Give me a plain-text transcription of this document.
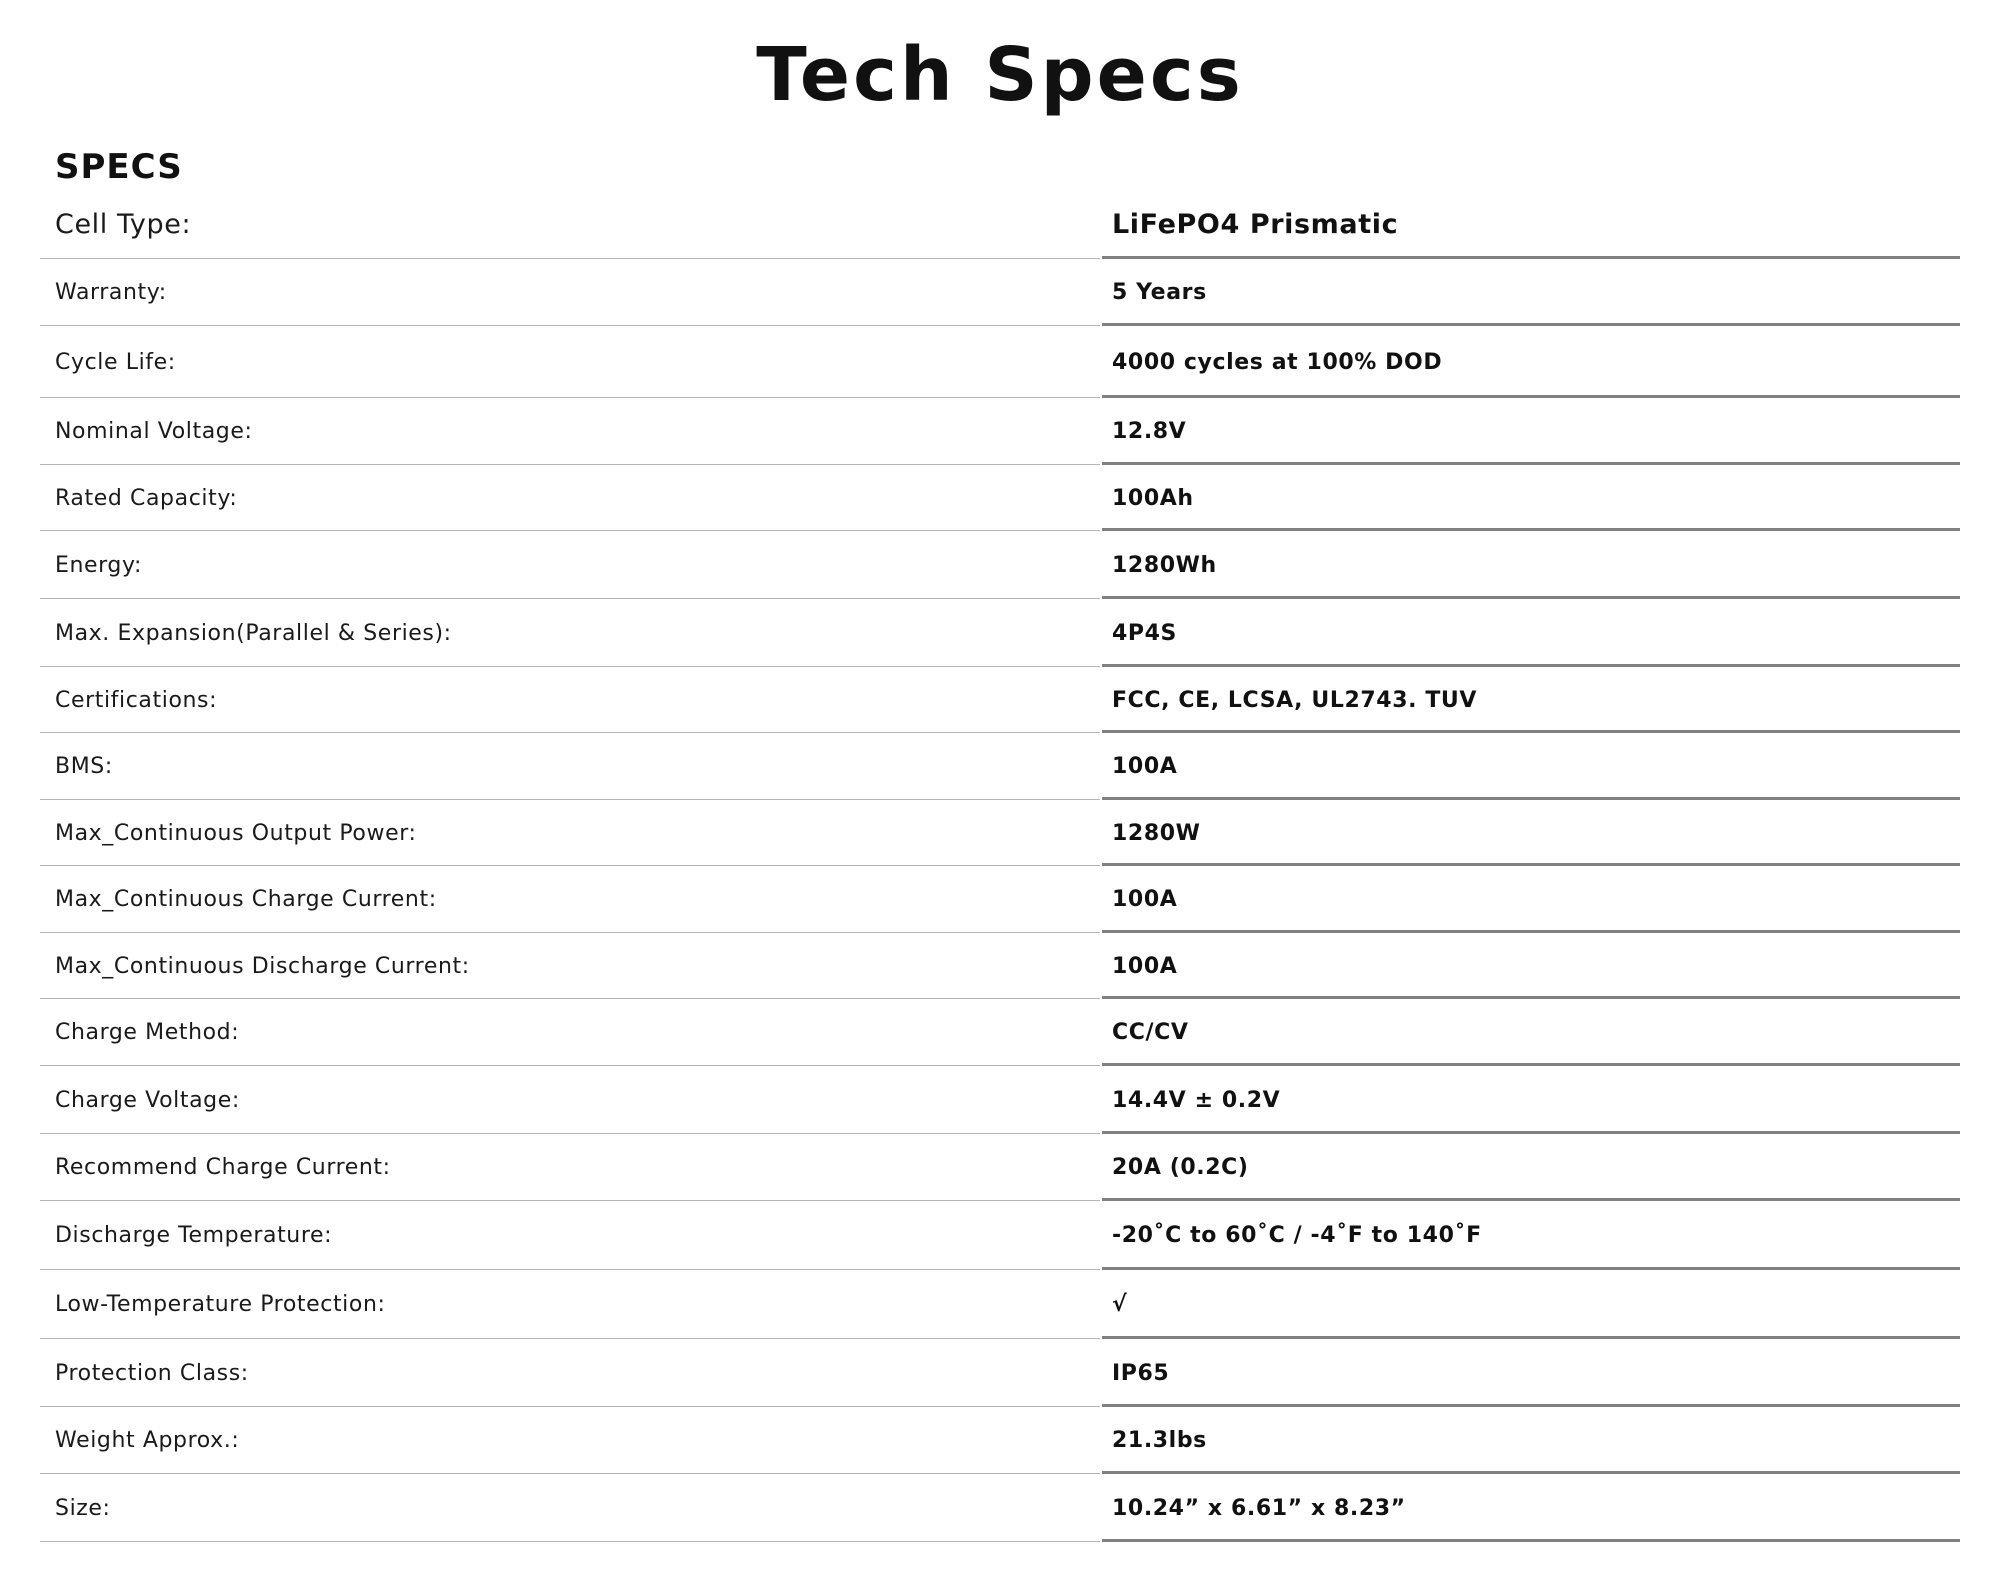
Tech Specs
SPECS
Cell Type:	LiFePO4 Prismatic
Warranty:	5 Years
Cycle Life:	4000 cycles at 100% DOD
Nominal Voltage:	12.8V
Rated Capacity:	100Ah
Energy:	1280Wh
Max. Expansion(Parallel & Series):	4P4S
Certifications:	FCC, CE, LCSA, UL2743. TUV
BMS:	100A
Max_Continuous Output Power:	1280W
Max_Continuous Charge Current:	100A
Max_Continuous Discharge Current:	100A
Charge Method:	CC/CV
Charge Voltage:	14.4V ± 0.2V
Recommend Charge Current:	20A (0.2C)
Discharge Temperature:	-20˚C to 60˚C / -4˚F to 140˚F
Low-Temperature Protection:	√
Protection Class:	IP65
Weight Approx.:	21.3lbs
Size:	10.24” x 6.61” x 8.23”
